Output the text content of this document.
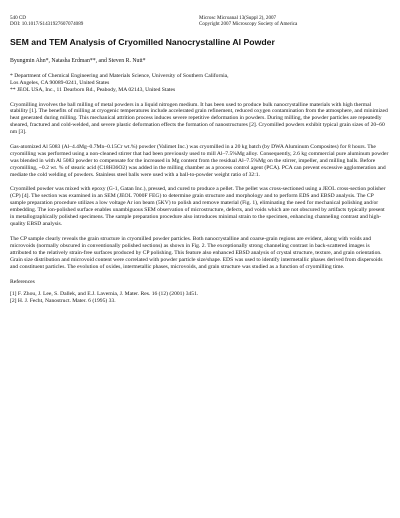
540 CD
DOI: 10.1017/S1431927607074089
Microsc Microanal 13(Suppl 2), 2007
Copyright 2007 Microscopy Society of America
SEM and TEM Analysis of Cryomilled Nanocrystalline Al Powder
Byungmin Ahn*, Natasha Erdman**, and Steven R. Nutt*
* Department of Chemical Engineering and Materials Science, University of Southern California,
Los Angeles, CA 90089-0241, United States
** JEOL USA, Inc., 11 Dearborn Rd., Peabody, MA 02143, United States

Cryomilling involves the ball milling of metal powders in a liquid nitrogen medium. It has been used to produce bulk nanocrystalline materials with high thermal stability [1]. The benefits of milling at cryogenic temperatures include accelerated grain refinement, reduced oxygen contamination from the atmosphere, and minimized heat generated during milling. This mechanical attrition process induces severe repetitive deformation in powders. During milling, the powder particles are repeatedly sheared, fractured and cold-welded, and severe plastic deformation effects the formation of nanostructures [2]. Cryomilled powders exhibit typical grain sizes of 20~60 nm [3].

Gas-atomized Al 5083 (Al–4.4Mg–0.7Mn–0.15Cr wt.%) powder (Valimet Inc.) was cryomilled in a 20 kg batch (by DWA Aluminum Composites) for 8 hours. The cryomilling was performed using a non-cleaned stirrer that had been previously used to mill Al–7.5%Mg alloy. Consequently, 2.6 kg commercial pure aluminum powder was blended in with Al 5083 powder to compensate for the increased in Mg content from the residual Al–7.5%Mg on the stirrer, impeller, and milling balls. Before cryomilling, ~0.2 wt. % of stearic acid (C18H36O2) was added in the milling chamber as a process control agent (PCA). PCA can prevent excessive agglomeration and mediate the cold welding of powders. Stainless steel balls were used with a ball-to-powder weight ratio of 32:1.

Cryomilled powder was mixed with epoxy (G-1, Gatan Inc.), pressed, and cured to produce a pellet. The pellet was cross-sectioned using a JEOL cross-section polisher (CP) [4]. The section was examined in an SEM (JEOL 7000F FEG) to determine grain structure and morphology and to perform EDS and EBSD analysis. The CP sample preparation procedure utilizes a low voltage Ar ion beam (5KV) to polish and remove material (Fig. 1), eliminating the need for mechanical polishing and/or embedding. The ion-polished surface enables unambiguous SEM observation of microstructure, defects, and voids which are not obscured by artifacts typically present in metallographically polished specimens. The sample preparation procedure also introduces minimal strain to the specimen, enhancing channeling contrast and high-quality EBSD analysis.

The CP sample clearly reveals the grain structure in cryomilled powder particles. Both nanocrystalline and coarse-grain regions are evident, along with voids and microvoids (normally obscured in conventionally polished sections) as shown in Fig. 2. The exceptionally strong channeling contrast in back-scattered images is attributed to the relatively strain-free surfaces produced by CP polishing. This feature also enhanced EBSD analysis of crystal structure, texture, and grain orientation. Grain size distribution and microvoid content were correlated with powder particle size/shape. EDS was used to identify intermetallic phases derived from dispersoids and constituent particles. The evolution of oxides, intermetallic phases, microvoids, and grain structure was studied as a function of cryomilling time.

References
[1] F. Zhou, J. Lee, S. Dallek, and E.J. Lavernia, J. Mater. Res. 16 (12) (2001) 3451.
[2] H. J. Fecht, Nanostruct. Mater. 6 (1995) 33.
